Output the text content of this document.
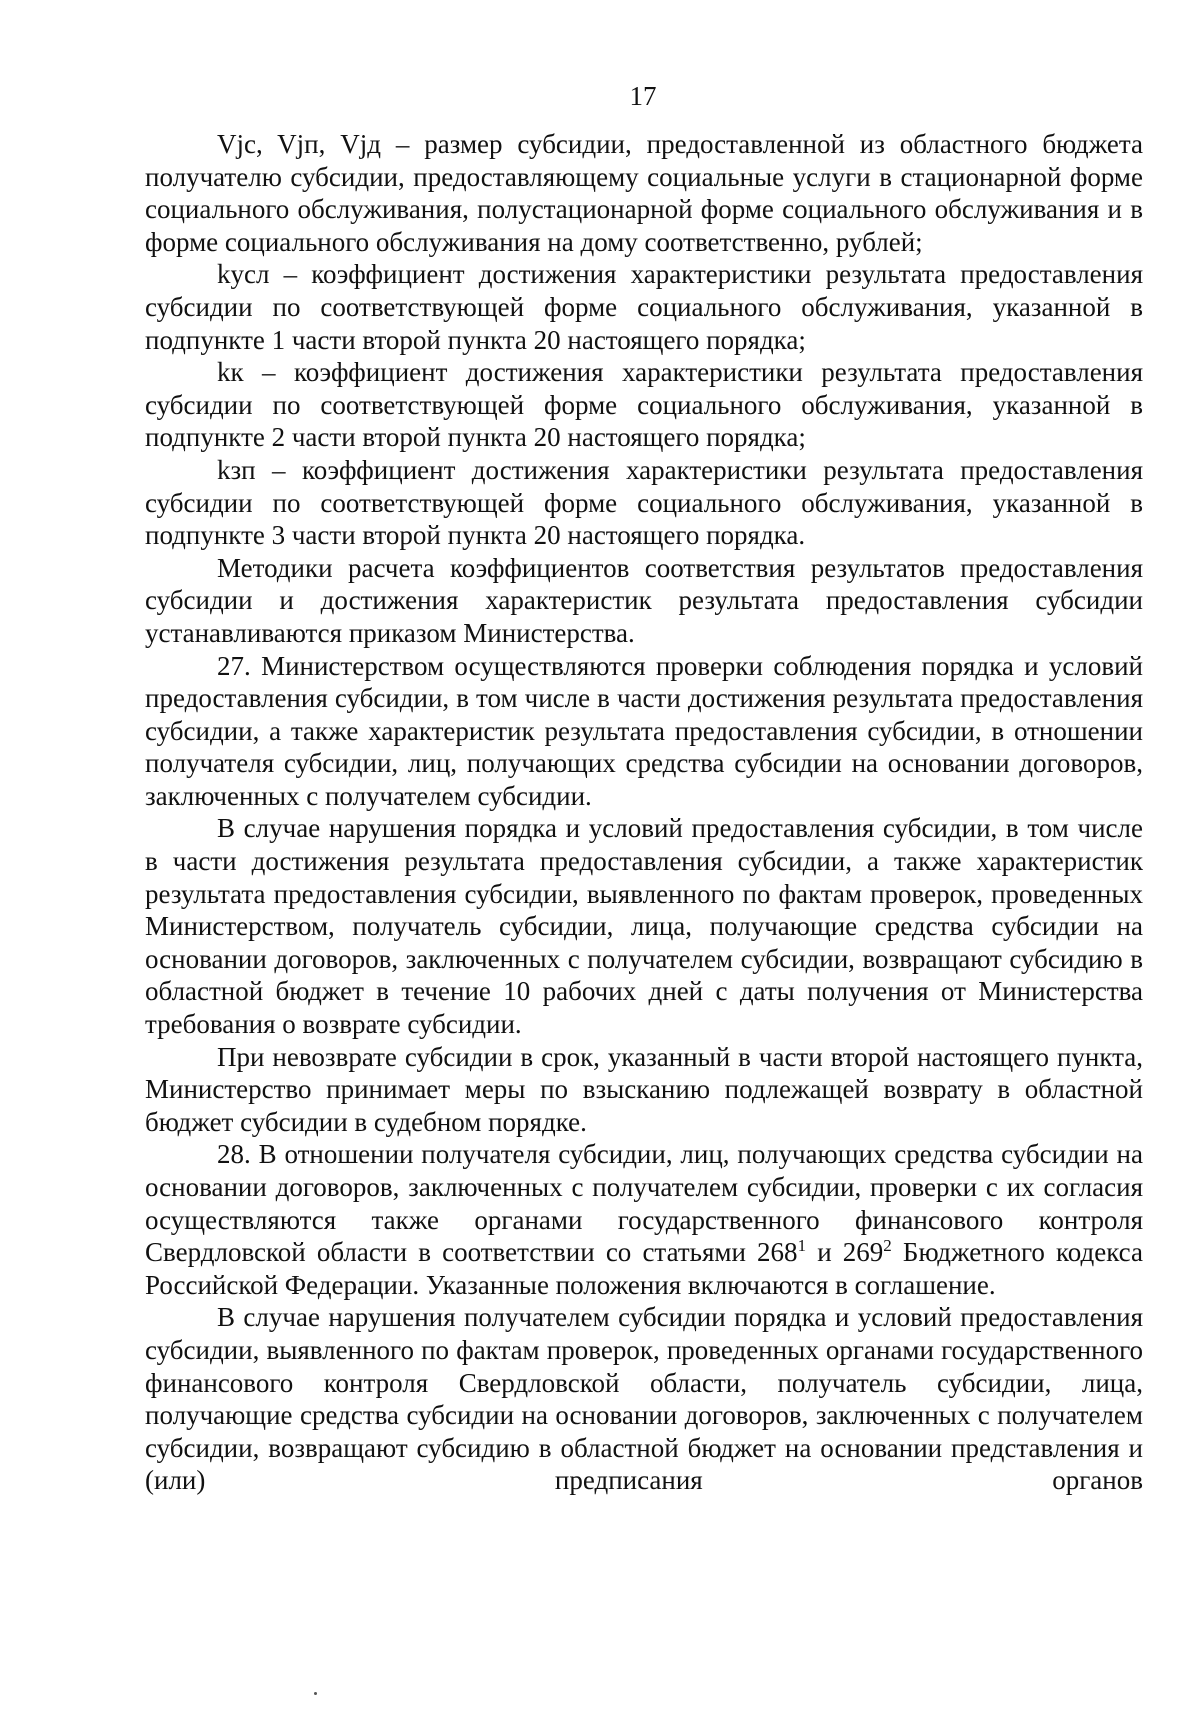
17

Vjc, Vjп, Vjд – размер субсидии, предоставленной из областного бюджета получателю субсидии, предоставляющему социальные услуги в стационарной форме социального обслуживания, полустационарной форме социального обслуживания и в форме социального обслуживания на дому соответственно, рублей;

kусл – коэффициент достижения характеристики результата предоставления субсидии по соответствующей форме социального обслуживания, указанной в подпункте 1 части второй пункта 20 настоящего порядка;

kк – коэффициент достижения характеристики результата предоставления субсидии по соответствующей форме социального обслуживания, указанной в подпункте 2 части второй пункта 20 настоящего порядка;

kзп – коэффициент достижения характеристики результата предоставления субсидии по соответствующей форме социального обслуживания, указанной в подпункте 3 части второй пункта 20 настоящего порядка.

Методики расчета коэффициентов соответствия результатов предоставления субсидии и достижения характеристик результата предоставления субсидии устанавливаются приказом Министерства.

27. Министерством осуществляются проверки соблюдения порядка и условий предоставления субсидии, в том числе в части достижения результата предоставления субсидии, а также характеристик результата предоставления субсидии, в отношении получателя субсидии, лиц, получающих средства субсидии на основании договоров, заключенных с получателем субсидии.

В случае нарушения порядка и условий предоставления субсидии, в том числе в части достижения результата предоставления субсидии, а также характеристик результата предоставления субсидии, выявленного по фактам проверок, проведенных Министерством, получатель субсидии, лица, получающие средства субсидии на основании договоров, заключенных с получателем субсидии, возвращают субсидию в областной бюджет в течение 10 рабочих дней с даты получения от Министерства требования о возврате субсидии.

При невозврате субсидии в срок, указанный в части второй настоящего пункта, Министерство принимает меры по взысканию подлежащей возврату в областной бюджет субсидии в судебном порядке.

28. В отношении получателя субсидии, лиц, получающих средства субсидии на основании договоров, заключенных с получателем субсидии, проверки с их согласия осуществляются также органами государственного финансового контроля Свердловской области в соответствии со статьями $268^1$ и $269^2$ Бюджетного кодекса Российской Федерации. Указанные положения включаются в соглашение.

В случае нарушения получателем субсидии порядка и условий предоставления субсидии, выявленного по фактам проверок, проведенных органами государственного финансового контроля Свердловской области, получатель субсидии, лица, получающие средства субсидии на основании договоров, заключенных с получателем субсидии, возвращают субсидию в областной бюджет на основании представления и (или) предписания органов
